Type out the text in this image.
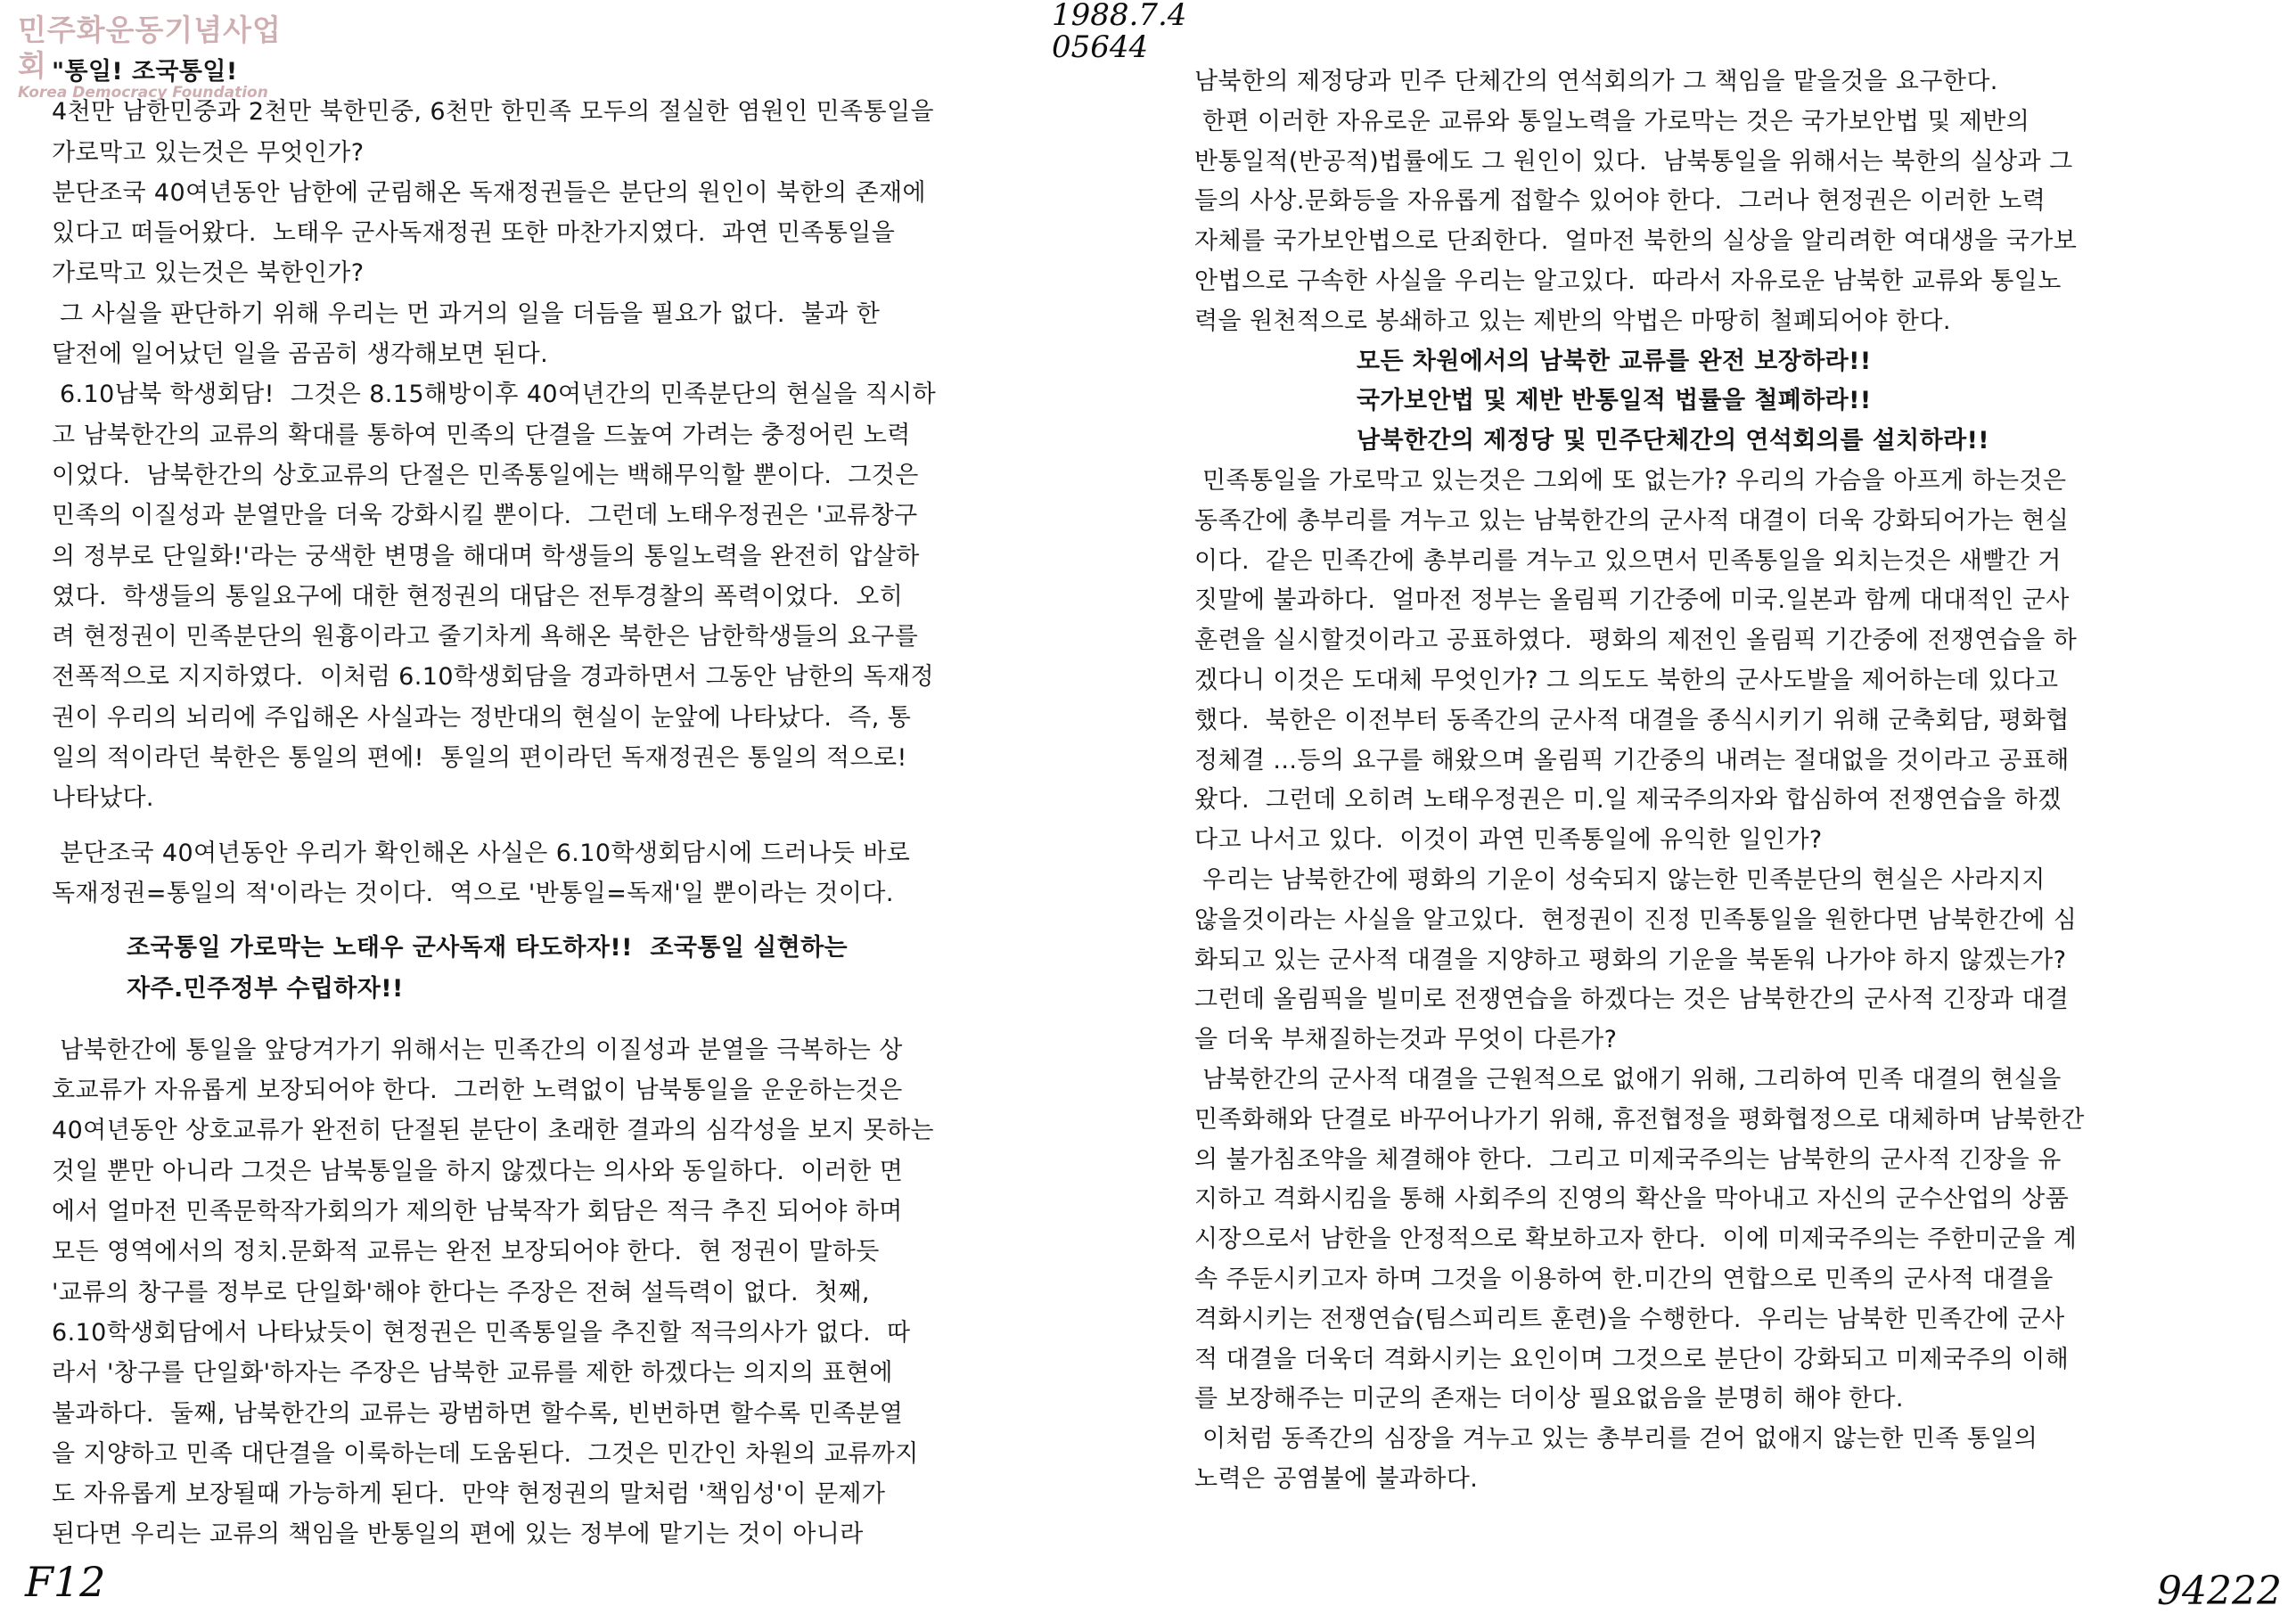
민주화운동기념사업회
Korea Democracy Foundation
1988.7.4
05644
F12	94222
"통일! 조국통일!
4천만 남한민중과 2천만 북한민중, 6천만 한민족 모두의 절실한 염원인 민족통일을
가로막고 있는것은 무엇인가?
분단조국 40여년동안 남한에 군림해온 독재정권들은 분단의 원인이 북한의 존재에
있다고 떠들어왔다.  노태우 군사독재정권 또한 마찬가지였다.  과연 민족통일을
가로막고 있는것은 북한인가?
그 사실을 판단하기 위해 우리는 먼 과거의 일을 더듬을 필요가 없다.  불과 한
달전에 일어났던 일을 곰곰히 생각해보면 된다.
6.10남북 학생회담!  그것은 8.15해방이후 40여년간의 민족분단의 현실을 직시하
고 남북한간의 교류의 확대를 통하여 민족의 단결을 드높여 가려는 충정어린 노력
이었다.  남북한간의 상호교류의 단절은 민족통일에는 백해무익할 뿐이다.  그것은
민족의 이질성과 분열만을 더욱 강화시킬 뿐이다.  그런데 노태우정권은 '교류창구
의 정부로 단일화!'라는 궁색한 변명을 해대며 학생들의 통일노력을 완전히 압살하
였다.  학생들의 통일요구에 대한 현정권의 대답은 전투경찰의 폭력이었다.  오히
려 현정권이 민족분단의 원흉이라고 줄기차게 욕해온 북한은 남한학생들의 요구를
전폭적으로 지지하였다.  이처럼 6.10학생회담을 경과하면서 그동안 남한의 독재정
권이 우리의 뇌리에 주입해온 사실과는 정반대의 현실이 눈앞에 나타났다.  즉, 통
일의 적이라던 북한은 통일의 편에!  통일의 편이라던 독재정권은 통일의 적으로!
나타났다.
분단조국 40여년동안 우리가 확인해온 사실은 6.10학생회담시에 드러나듯 바로
독재정권=통일의 적'이라는 것이다.  역으로 '반통일=독재'일 뿐이라는 것이다.
조국통일 가로막는 노태우 군사독재 타도하자!!  조국통일 실현하는
자주.민주정부 수립하자!!
남북한간에 통일을 앞당겨가기 위해서는 민족간의 이질성과 분열을 극복하는 상
호교류가 자유롭게 보장되어야 한다.  그러한 노력없이 남북통일을 운운하는것은
40여년동안 상호교류가 완전히 단절된 분단이 초래한 결과의 심각성을 보지 못하는
것일 뿐만 아니라 그것은 남북통일을 하지 않겠다는 의사와 동일하다.  이러한 면
에서 얼마전 민족문학작가회의가 제의한 남북작가 회담은 적극 추진 되어야 하며
모든 영역에서의 정치.문화적 교류는 완전 보장되어야 한다.  현 정권이 말하듯
'교류의 창구를 정부로 단일화'해야 한다는 주장은 전혀 설득력이 없다.  첫째,
6.10학생회담에서 나타났듯이 현정권은 민족통일을 추진할 적극의사가 없다.  따
라서 '창구를 단일화'하자는 주장은 남북한 교류를 제한 하겠다는 의지의 표현에
불과하다.  둘째, 남북한간의 교류는 광범하면 할수록, 빈번하면 할수록 민족분열
을 지양하고 민족 대단결을 이룩하는데 도움된다.  그것은 민간인 차원의 교류까지
도 자유롭게 보장될때 가능하게 된다.  만약 현정권의 말처럼 '책임성'이 문제가
된다면 우리는 교류의 책임을 반통일의 편에 있는 정부에 맡기는 것이 아니라
남북한의 제정당과 민주 단체간의 연석회의가 그 책임을 맡을것을 요구한다.
한편 이러한 자유로운 교류와 통일노력을 가로막는 것은 국가보안법 및 제반의
반통일적(반공적)법률에도 그 원인이 있다.  남북통일을 위해서는 북한의 실상과 그
들의 사상.문화등을 자유롭게 접할수 있어야 한다.  그러나 현정권은 이러한 노력
자체를 국가보안법으로 단죄한다.  얼마전 북한의 실상을 알리려한 여대생을 국가보
안법으로 구속한 사실을 우리는 알고있다.  따라서 자유로운 남북한 교류와 통일노
력을 원천적으로 봉쇄하고 있는 제반의 악법은 마땅히 철폐되어야 한다.
모든 차원에서의 남북한 교류를 완전 보장하라!!
국가보안법 및 제반 반통일적 법률을 철폐하라!!
남북한간의 제정당 및 민주단체간의 연석회의를 설치하라!!
민족통일을 가로막고 있는것은 그외에 또 없는가? 우리의 가슴을 아프게 하는것은
동족간에 총부리를 겨누고 있는 남북한간의 군사적 대결이 더욱 강화되어가는 현실
이다.  같은 민족간에 총부리를 겨누고 있으면서 민족통일을 외치는것은 새빨간 거
짓말에 불과하다.  얼마전 정부는 올림픽 기간중에 미국.일본과 함께 대대적인 군사
훈련을 실시할것이라고 공표하였다.  평화의 제전인 올림픽 기간중에 전쟁연습을 하
겠다니 이것은 도대체 무엇인가? 그 의도도 북한의 군사도발을 제어하는데 있다고
했다.  북한은 이전부터 동족간의 군사적 대결을 종식시키기 위해 군축회담, 평화협
정체결 ...등의 요구를 해왔으며 올림픽 기간중의 내려는 절대없을 것이라고 공표해
왔다.  그런데 오히려 노태우정권은 미.일 제국주의자와 합심하여 전쟁연습을 하겠
다고 나서고 있다.  이것이 과연 민족통일에 유익한 일인가?
우리는 남북한간에 평화의 기운이 성숙되지 않는한 민족분단의 현실은 사라지지
않을것이라는 사실을 알고있다.  현정권이 진정 민족통일을 원한다면 남북한간에 심
화되고 있는 군사적 대결을 지양하고 평화의 기운을 북돋워 나가야 하지 않겠는가?
그런데 올림픽을 빌미로 전쟁연습을 하겠다는 것은 남북한간의 군사적 긴장과 대결
을 더욱 부채질하는것과 무엇이 다른가?
남북한간의 군사적 대결을 근원적으로 없애기 위해, 그리하여 민족 대결의 현실을
민족화해와 단결로 바꾸어나가기 위해, 휴전협정을 평화협정으로 대체하며 남북한간
의 불가침조약을 체결해야 한다.  그리고 미제국주의는 남북한의 군사적 긴장을 유
지하고 격화시킴을 통해 사회주의 진영의 확산을 막아내고 자신의 군수산업의 상품
시장으로서 남한을 안정적으로 확보하고자 한다.  이에 미제국주의는 주한미군을 계
속 주둔시키고자 하며 그것을 이용하여 한.미간의 연합으로 민족의 군사적 대결을
격화시키는 전쟁연습(팀스피리트 훈련)을 수행한다.  우리는 남북한 민족간에 군사
적 대결을 더욱더 격화시키는 요인이며 그것으로 분단이 강화되고 미제국주의 이해
를 보장해주는 미군의 존재는 더이상 필요없음을 분명히 해야 한다.
이처럼 동족간의 심장을 겨누고 있는 총부리를 걷어 없애지 않는한 민족 통일의
노력은 공염불에 불과하다.
